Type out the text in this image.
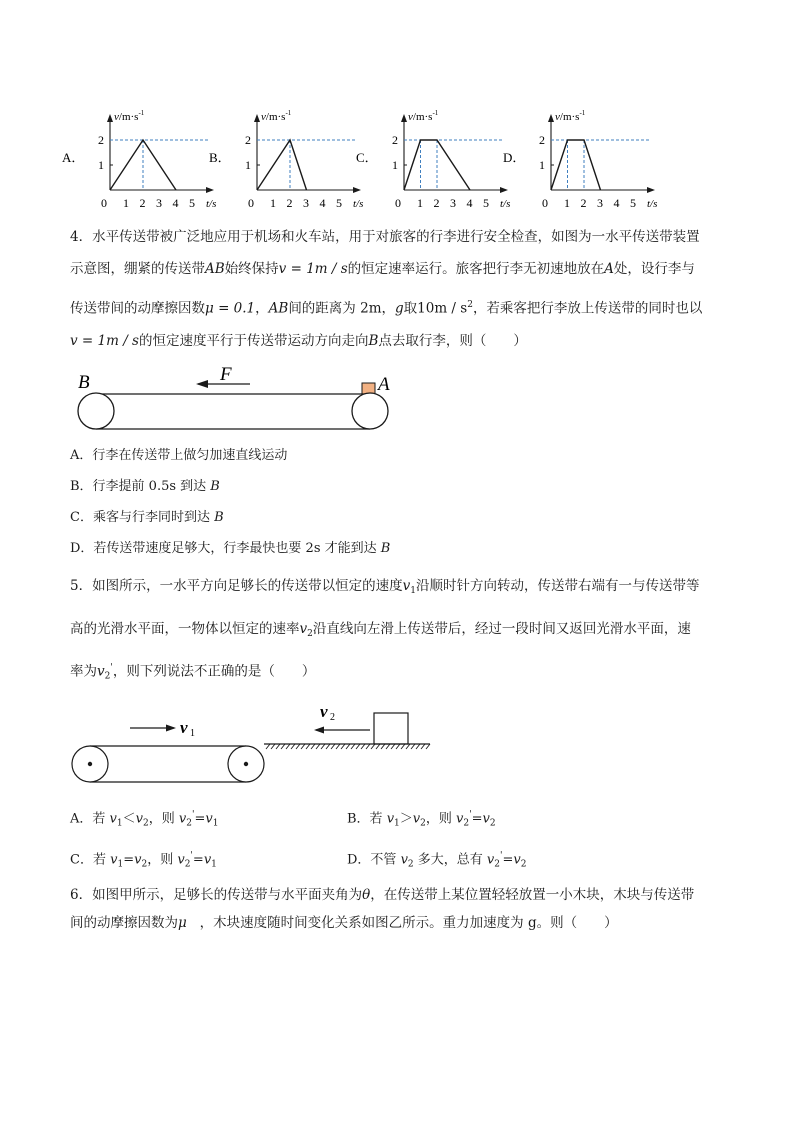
A．
$v/m\cdot s^{-1}$
t/s
1
2
0 1 2 3 4 5
B．
$v/m\cdot s^{-1}$
t/s
1
2
0 1 2 3 4 5
C．
$v/m\cdot s^{-1}$
t/s
1
2
0 1 2 3 4 5
D．
$v/m\cdot s^{-1}$
t/s
1
2
0 1 2 3 4 5
4．水平传送带被广泛地应用于机场和火车站，用于对旅客的行李进行安全检查，如图为一水平传送带装置
示意图，绷紧的传送带AB始终保持v = 1m / s的恒定速率运行。旅客把行李无初速地放在A处，设行李与
传送带间的动摩擦因数μ = 0.1，AB间的距离为 2m，g取$10m / s^2$，若乘客把行李放上传送带的同时也以
v = 1m / s的恒定速度平行于传送带运动方向走向B点去取行李，则（　　）
B	A
F
A．行李在传送带上做匀加速直线运动
B．行李提前 0.5s 到达 B
C．乘客与行李同时到达 B
D．若传送带速度足够大，行李最快也要 2s 才能到达 B
5．如图所示，一水平方向足够长的传送带以恒定的速度$v_1$沿顺时针方向转动，传送带右端有一与传送带等
高的光滑水平面，一物体以恒定的速率$v_2$沿直线向左滑上传送带后，经过一段时间又返回光滑水平面，速
率为$v_2'$，则下列说法不正确的是（　　）
v 1
v 2
A．若 $v_1<v_2$，则 $v_2'=v_1$	B．若 $v_1>v_2$，则 $v_2'=v_2$
C．若 $v_1=v_2$，则 $v_2'=v_1$	D．不管 $v_2$ 多大，总有 $v_2'=v_2$
6．如图甲所示，足够长的传送带与水平面夹角为θ，在传送带上某位置轻轻放置一小木块，木块与传送带
间的动摩擦因数为μ ，木块速度随时间变化关系如图乙所示。重力加速度为 g。则（　　）
